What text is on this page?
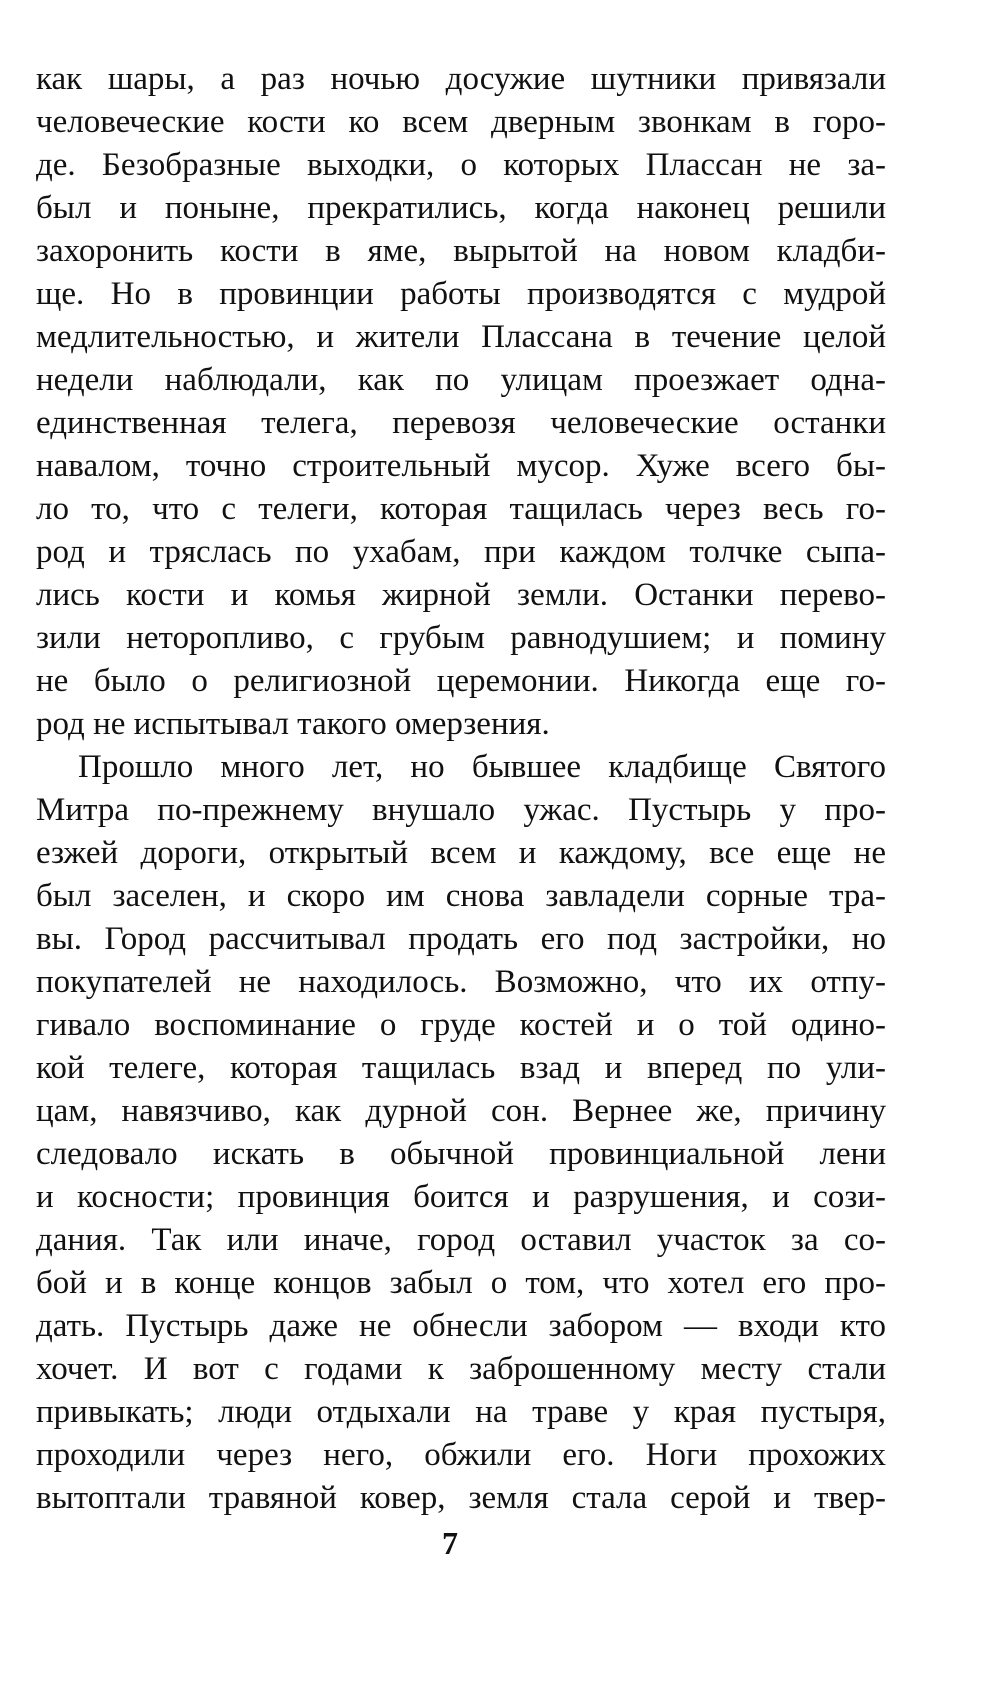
как шары, а раз ночью досужие шутники привязали
человеческие кости ко всем дверным звонкам в горо-
де. Безобразные выходки, о которых Плассан не за-
был и поныне, прекратились, когда наконец решили
захоронить кости в яме, вырытой на новом кладби-
ще. Но в провинции работы производятся с мудрой
медлительностью, и жители Плассана в течение целой
недели наблюдали, как по улицам проезжает одна-
единственная телега, перевозя человеческие останки
навалом, точно строительный мусор. Хуже всего бы-
ло то, что с телеги, которая тащилась через весь го-
род и тряслась по ухабам, при каждом толчке сыпа-
лись кости и комья жирной земли. Останки перево-
зили неторопливо, с грубым равнодушием; и помину
не было о религиозной церемонии. Никогда еще го-
род не испытывал такого омерзения.
Прошло много лет, но бывшее кладбище Святого
Митра по-прежнему внушало ужас. Пустырь у про-
езжей дороги, открытый всем и каждому, все еще не
был заселен, и скоро им снова завладели сорные тра-
вы. Город рассчитывал продать его под застройки, но
покупателей не находилось. Возможно, что их отпу-
гивало воспоминание о груде костей и о той одино-
кой телеге, которая тащилась взад и вперед по ули-
цам, навязчиво, как дурной сон. Вернее же, причину
следовало искать в обычной провинциальной лени
и косности; провинция боится и разрушения, и сози-
дания. Так или иначе, город оставил участок за со-
бой и в конце концов забыл о том, что хотел его про-
дать. Пустырь даже не обнесли забором — входи кто
хочет. И вот с годами к заброшенному месту стали
привыкать; люди отдыхали на траве у края пустыря,
проходили через него, обжили его. Ноги прохожих
вытоптали травяной ковер, земля стала серой и твер-
7
